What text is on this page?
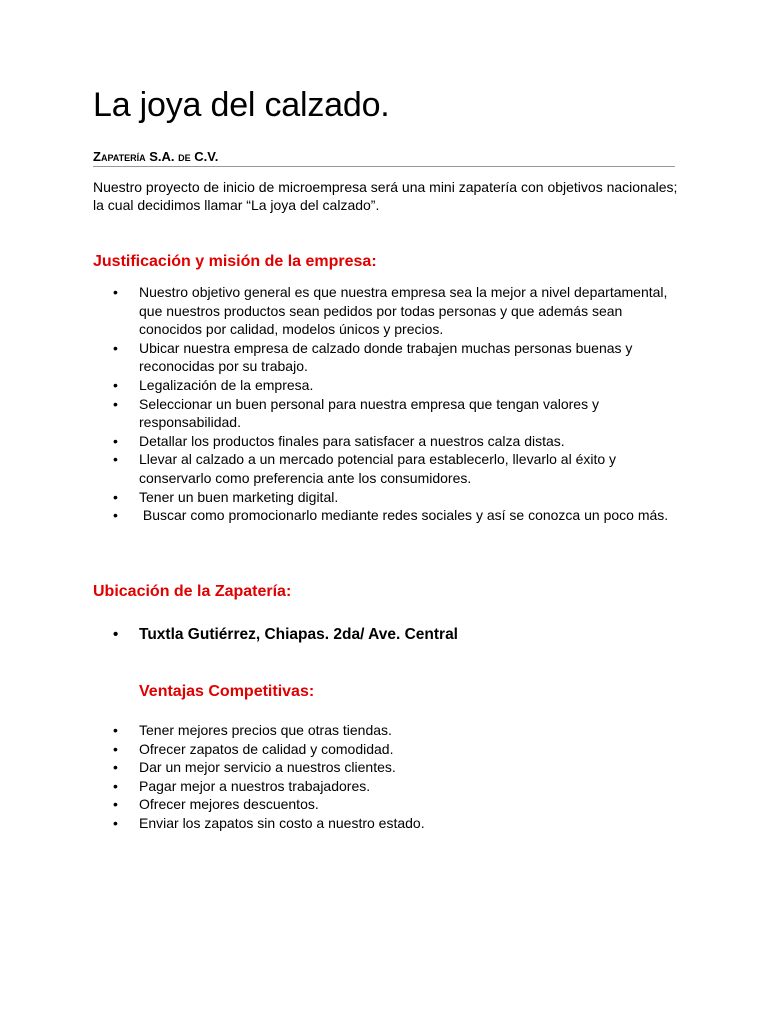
La joya del calzado.
Zapatería S.A. de C.V.

Nuestro proyecto de inicio de microempresa será una mini zapatería con objetivos nacionales; la cual decidimos llamar “La joya del calzado”.

Justificación y misión de la empresa:
• Nuestro objetivo general es que nuestra empresa sea la mejor a nivel departamental, que nuestros productos sean pedidos por todas personas y que además sean conocidos por calidad, modelos únicos y precios.
• Ubicar nuestra empresa de calzado donde trabajen muchas personas buenas y reconocidas por su trabajo.
• Legalización de la empresa.
• Seleccionar un buen personal para nuestra empresa que tengan valores y responsabilidad.
• Detallar los productos finales para satisfacer a nuestros calza distas.
• Llevar al calzado a un mercado potencial para establecerlo, llevarlo al éxito y conservarlo como preferencia ante los consumidores.
• Tener un buen marketing digital.
• Buscar como promocionarlo mediante redes sociales y así se conozca un poco más.
Ubicación de la Zapatería:
• Tuxtla Gutiérrez, Chiapas. 2da/ Ave. Central
Ventajas Competitivas:
• Tener mejores precios que otras tiendas.
• Ofrecer zapatos de calidad y comodidad.
• Dar un mejor servicio a nuestros clientes.
• Pagar mejor a nuestros trabajadores.
• Ofrecer mejores descuentos.
• Enviar los zapatos sin costo a nuestro estado.
